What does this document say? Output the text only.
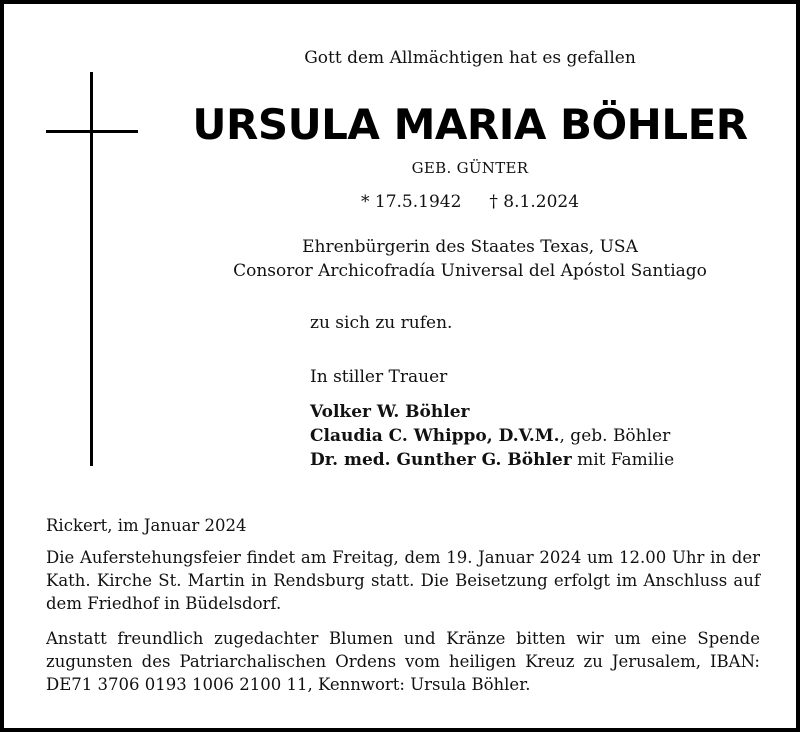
Gott dem Allmächtigen hat es gefallen
URSULA MARIA BÖHLER
GEB. GÜNTER
* 17.5.1942 † 8.1.2024
Ehrenbürgerin des Staates Texas, USA
Consoror Archicofradía Universal del Apóstol Santiago
zu sich zu rufen.
In stiller Trauer
Volker W. Böhler
Claudia C. Whippo, D.V.M., geb. Böhler
Dr. med. Gunther G. Böhler mit Familie
Rickert, im Januar 2024
Die Auferstehungsfeier findet am Freitag, dem 19. Januar 2024 um 12.00 Uhr in der Kath. Kirche St. Martin in Rendsburg statt. Die Beisetzung erfolgt im Anschluss auf dem Friedhof in Büdelsdorf.
Anstatt freundlich zugedachter Blumen und Kränze bitten wir um eine Spende zugunsten des Patriarchalischen Ordens vom heiligen Kreuz zu Jerusalem, IBAN: DE71 3706 0193 1006 2100 11, Kennwort: Ursula Böhler.
